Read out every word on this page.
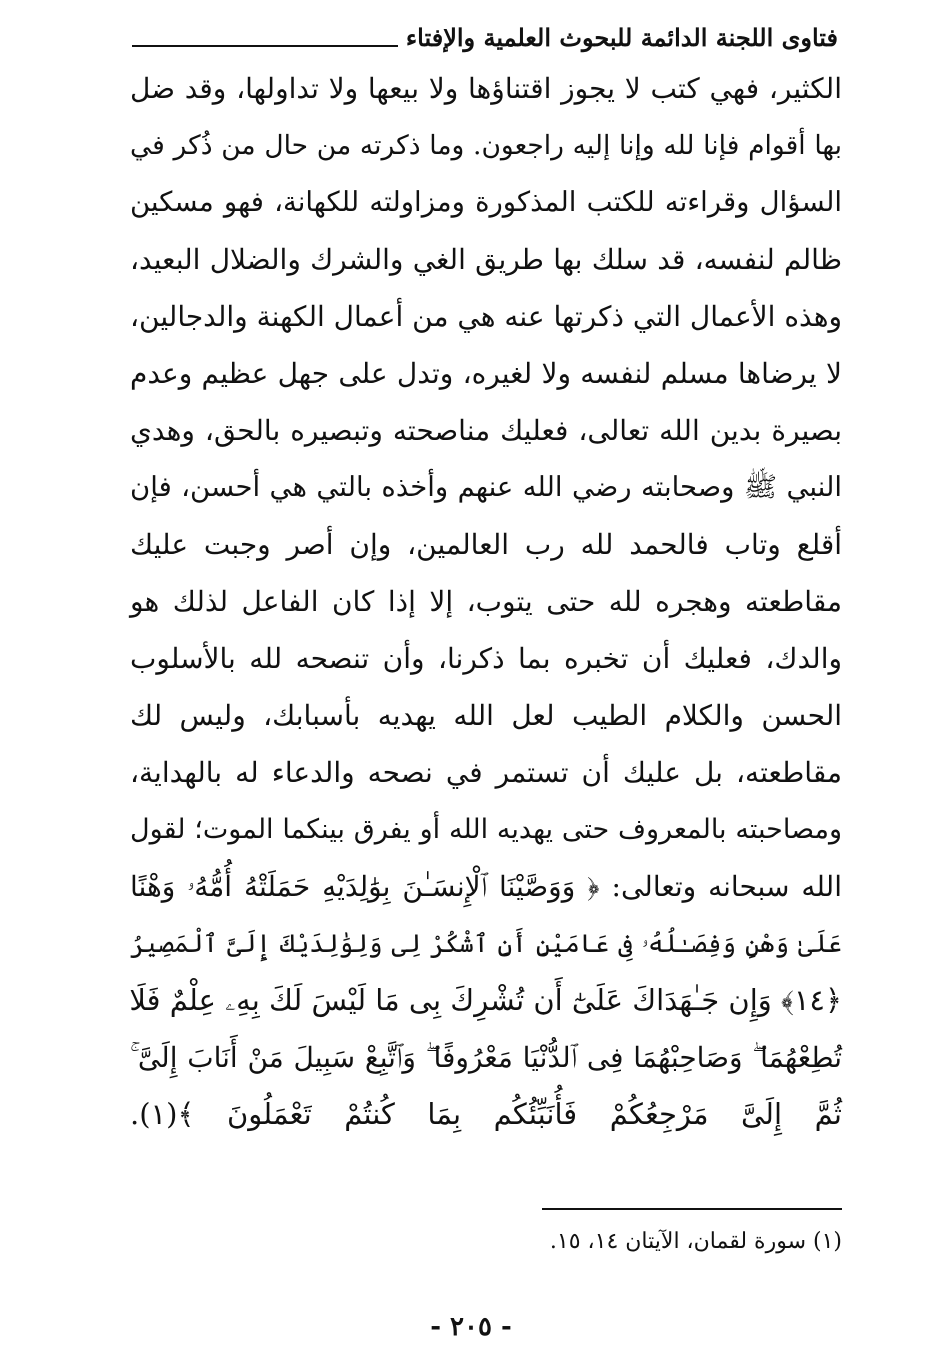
فتاوى اللجنة الدائمة للبحوث العلمية والإفتاء
الكثير، فهي كتب لا يجوز اقتناؤها ولا بيعها ولا تداولها، وقد ضل
بها أقوام فإنا لله وإنا إليه راجعون. وما ذكرته من حال من ذُكر في
السؤال وقراءته للكتب المذكورة ومزاولته للكهانة، فهو مسكين
ظالم لنفسه، قد سلك بها طريق الغي والشرك والضلال البعيد،
وهذه الأعمال التي ذكرتها عنه هي من أعمال الكهنة والدجالين،
لا يرضاها مسلم لنفسه ولا لغيره، وتدل على جهل عظيم وعدم
بصيرة بدين الله تعالى، فعليك مناصحته وتبصيره بالحق، وهدي
النبي ﷺ وصحابته رضي الله عنهم وأخذه بالتي هي أحسن، فإن
أقلع وتاب فالحمد لله رب العالمين، وإن أصر وجبت عليك
مقاطعته وهجره لله حتى يتوب، إلا إذا كان الفاعل لذلك هو
والدك، فعليك أن تخبره بما ذكرنا، وأن تنصحه لله بالأسلوب
الحسن والكلام الطيب لعل الله يهديه بأسبابك، وليس لك
مقاطعته، بل عليك أن تستمر في نصحه والدعاء له بالهداية،
ومصاحبته بالمعروف حتى يهديه الله أو يفرق بينكما الموت؛ لقول
الله سبحانه وتعالى: ﴿ وَوَصَّيْنَا ٱلْإِنسَـٰنَ بِوَٰلِدَيْهِ حَمَلَتْهُ أُمُّهُۥ وَهْنًا
عَلَىٰ وَهْنٍ وَفِصَـٰلُهُۥ فِى عَامَيْنِ أَنِ ٱشْكُرْ لِى وَلِوَٰلِدَيْكَ إِلَىَّ ٱلْمَصِيرُ
﴿١٤﴾ وَإِن جَـٰهَدَاكَ عَلَىٰٓ أَن تُشْرِكَ بِى مَا لَيْسَ لَكَ بِهِۦ عِلْمٌ فَلَا
تُطِعْهُمَا ۖ وَصَاحِبْهُمَا فِى ٱلدُّنْيَا مَعْرُوفًا ۖ وَٱتَّبِعْ سَبِيلَ مَنْ أَنَابَ إِلَىَّ ۚ
ثُمَّ إِلَىَّ مَرْجِعُكُمْ فَأُنَبِّئُكُم بِمَا كُنتُمْ تَعْمَلُونَ ﴾(١).
(١) سورة لقمان، الآيتان ١٤، ١٥.
- ٢٠٥ -
